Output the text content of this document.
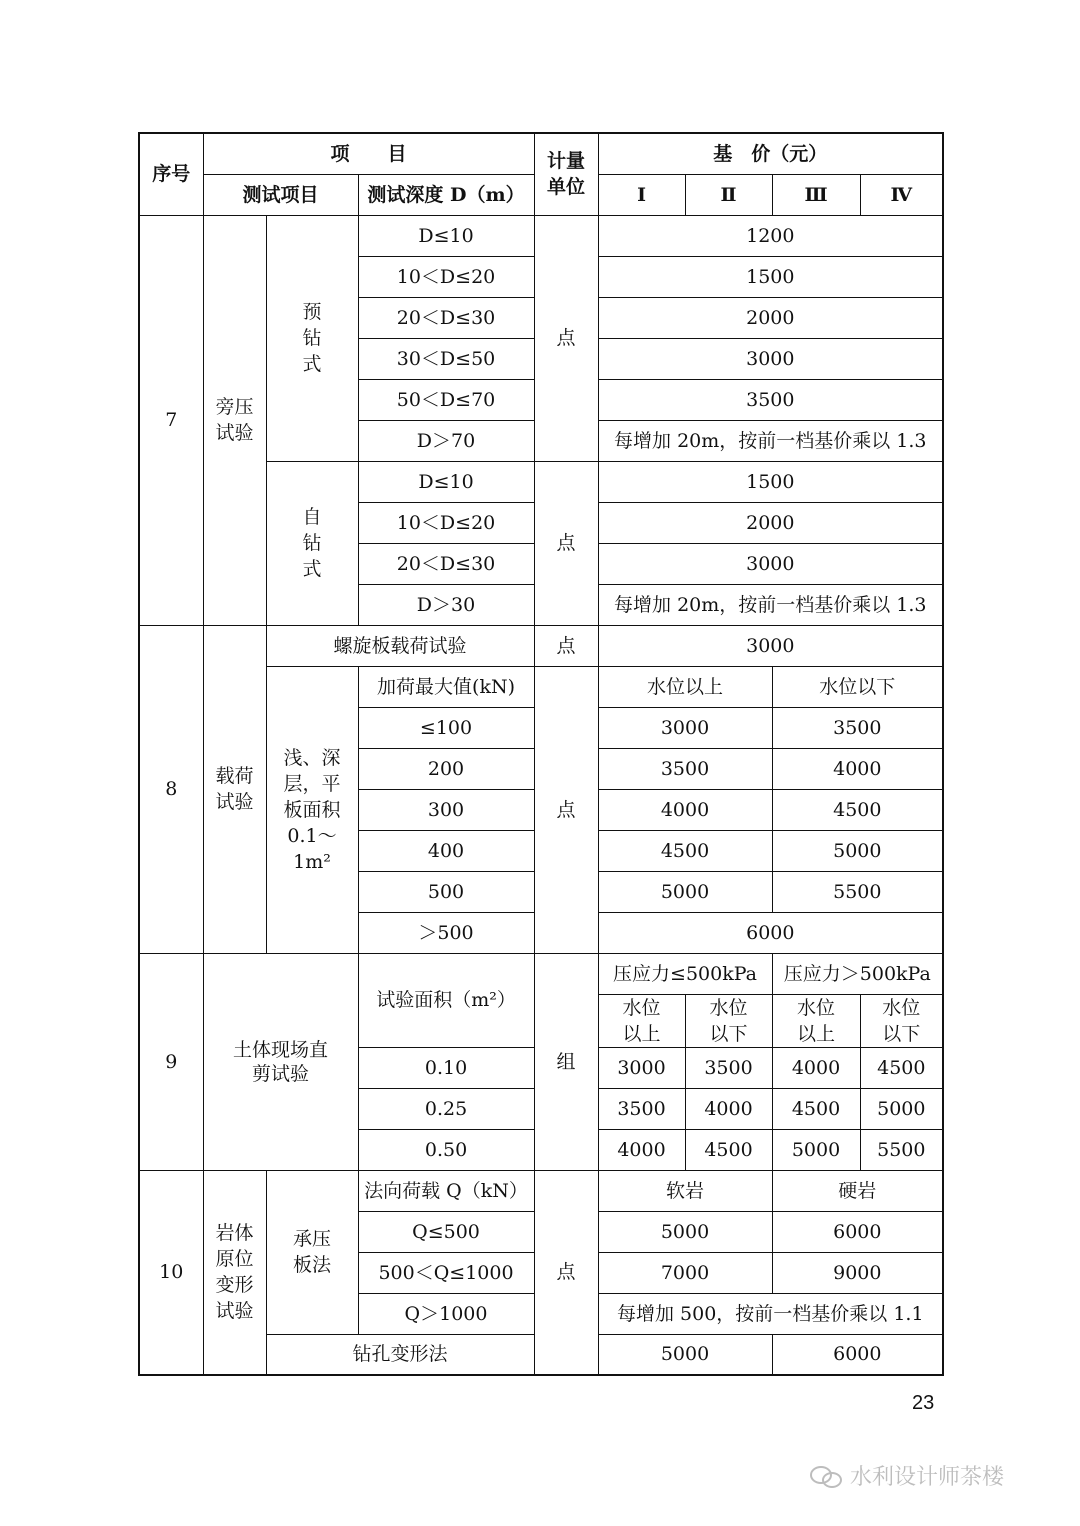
序号	项　　目			计量单位	基　价（元）			
	测试项目		测试深度 D（m）		Ⅰ	Ⅱ	Ⅲ	Ⅳ
7	旁压试验	预钻式	D≤10	点	1200			
			10＜D≤20		1500			
			20＜D≤30		2000			
			30＜D≤50		3000			
			50＜D≤70		3500			
			D＞70		每增加 20m，按前一档基价乘以 1.3			
		自钻式	D≤10	点	1500			
			10＜D≤20		2000			
			20＜D≤30		3000			
			D＞30		每增加 20m，按前一档基价乘以 1.3			
8	载荷试验	螺旋板载荷试验		点	3000			
		浅、深层，平板面积 0.1～1m²	加荷最大值(kN)	点	水位以上		水位以下	
			≤100		3000		3500	
			200		3500		4000	
			300		4000		4500	
			400		4500		5000	
			500		5000		5500	
			＞500		6000			
9	土体现场直剪试验		试验面积（m²）	组	压应力≤500kPa		压应力＞500kPa	
					水位以上	水位以下	水位以上	水位以下
			0.10		3000	3500	4000	4500
			0.25		3500	4000	4500	5000
			0.50		4000	4500	5000	5500
10	岩体原位变形试验	承压板法	法向荷载 Q（kN）	点	软岩		硬岩	
			Q≤500		5000		6000	
			500＜Q≤1000		7000		9000	
			Q＞1000		每增加 500，按前一档基价乘以 1.1			
		钻孔变形法			5000		6000	
23
水利设计师茶楼
